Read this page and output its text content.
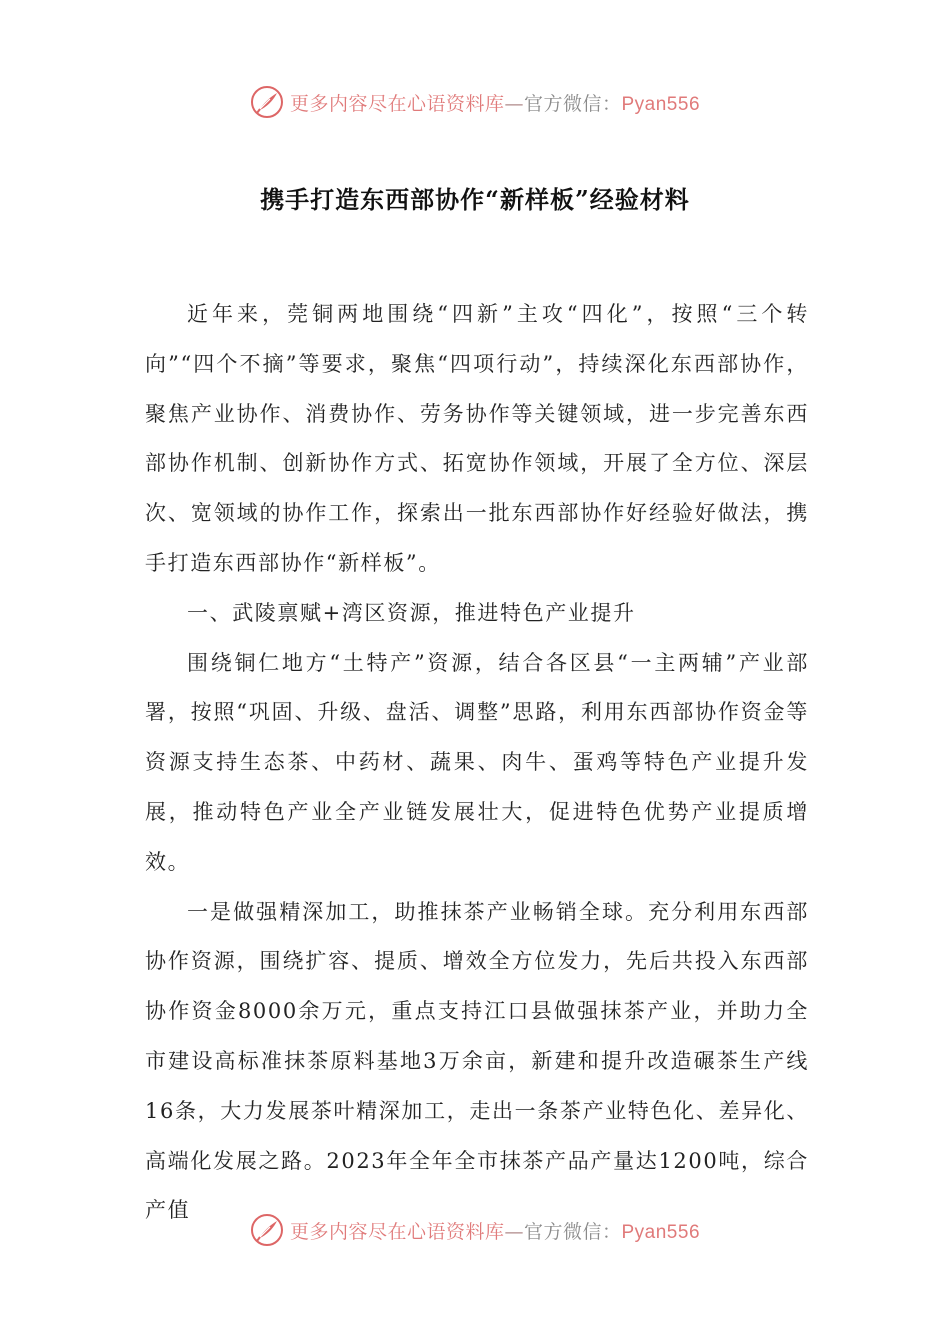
更多内容尽在心语资料库—官方微信：Pyan556
携手打造东西部协作“新样板”经验材料

近年来，莞铜两地围绕“四新”主攻“四化”，按照“三个转向”“四个不摘”等要求，聚焦“四项行动”，持续深化东西部协作，聚焦产业协作、消费协作、劳务协作等关键领域，进一步完善东西部协作机制、创新协作方式、拓宽协作领域，开展了全方位、深层次、宽领域的协作工作，探索出一批东西部协作好经验好做法，携手打造东西部协作“新样板”。

一、武陵禀赋+湾区资源，推进特色产业提升

围绕铜仁地方“土特产”资源，结合各区县“一主两辅”产业部署，按照“巩固、升级、盘活、调整”思路，利用东西部协作资金等资源支持生态茶、中药材、蔬果、肉牛、蛋鸡等特色产业提升发展，推动特色产业全产业链发展壮大，促进特色优势产业提质增效。

一是做强精深加工，助推抹茶产业畅销全球。充分利用东西部协作资源，围绕扩容、提质、增效全方位发力，先后共投入东西部协作资金8000余万元，重点支持江口县做强抹茶产业，并助力全市建设高标准抹茶原料基地3万余亩，新建和提升改造碾茶生产线16条，大力发展茶叶精深加工，走出一条茶产业特色化、差异化、高端化发展之路。2023年全年全市抹茶产品产量达1200吨，综合产值

更多内容尽在心语资料库—官方微信：Pyan556
